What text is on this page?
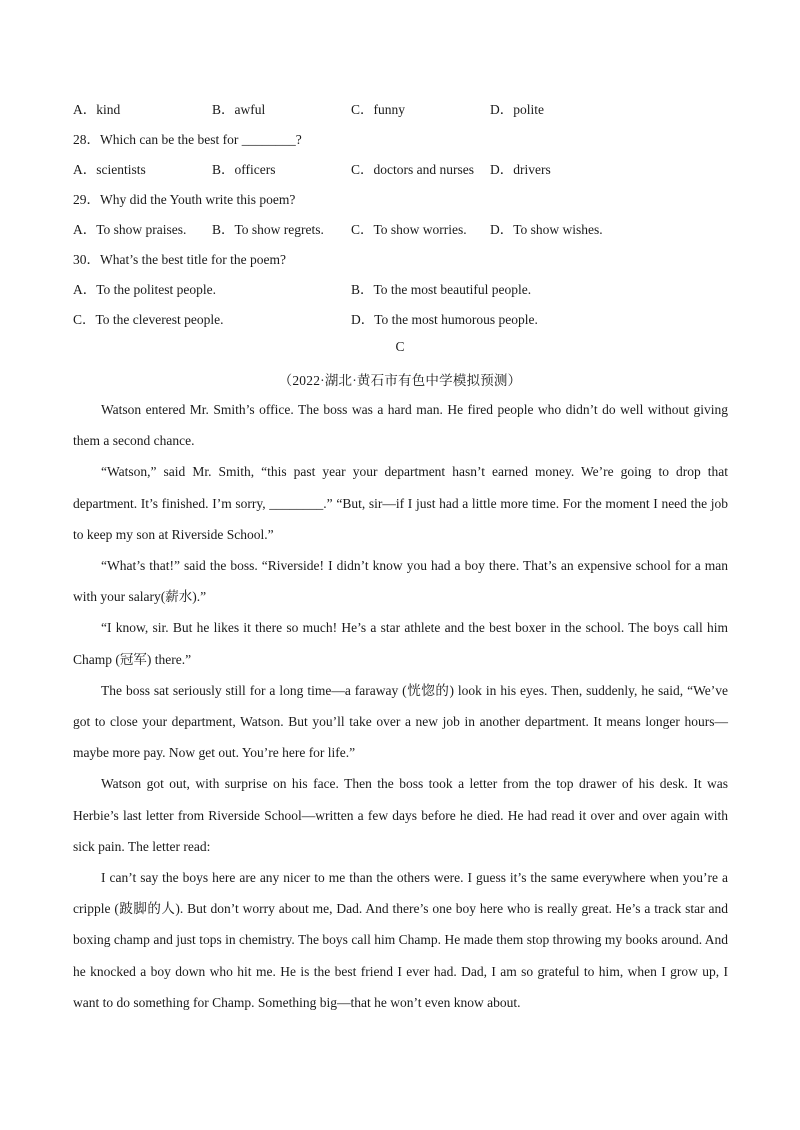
A．kind	B．awful	C．funny	D．polite
28．Which can be the best for ________?
A．scientists	B．officers	C．doctors and nurses D．drivers
29．Why did the Youth write this poem?
A．To show praises. B．To show regrets. C．To show worries. D．To show wishes.
30．What’s the best title for the poem?
A．To the politest people.	B．To the most beautiful people.
C．To the cleverest people.	D．To the most humorous people.
C
（2022·湖北·黄石市有色中学模拟预测）

Watson entered Mr. Smith’s office. The boss was a hard man. He fired people who didn’t do well without giving them a second chance.

“Watson,” said Mr. Smith, “this past year your department hasn’t earned money. We’re going to drop that department. It’s finished. I’m sorry, ________.” “But, sir—if I just had a little more time. For the moment I need the job to keep my son at Riverside School.”

“What’s that!” said the boss. “Riverside! I didn’t know you had a boy there. That’s an expensive school for a man with your salary(薪水).”

“I know, sir. But he likes it there so much! He’s a star athlete and the best boxer in the school. The boys call him Champ (冠军) there.”

The boss sat seriously still for a long time—a faraway (恍惚的) look in his eyes. Then, suddenly, he said, “We’ve got to close your department, Watson. But you’ll take over a new job in another department. It means longer hours—maybe more pay. Now get out. You’re here for life.”

Watson got out, with surprise on his face. Then the boss took a letter from the top drawer of his desk. It was Herbie’s last letter from Riverside School—written a few days before he died. He had read it over and over again with sick pain. The letter read:

I can’t say the boys here are any nicer to me than the others were. I guess it’s the same everywhere when you’re a cripple (跛脚的人). But don’t worry about me, Dad. And there’s one boy here who is really great. He’s a track star and boxing champ and just tops in chemistry. The boys call him Champ. He made them stop throwing my books around. And he knocked a boy down who hit me. He is the best friend I ever had. Dad, I am so grateful to him, when I grow up, I want to do something for Champ. Something big—that he won’t even know about.
